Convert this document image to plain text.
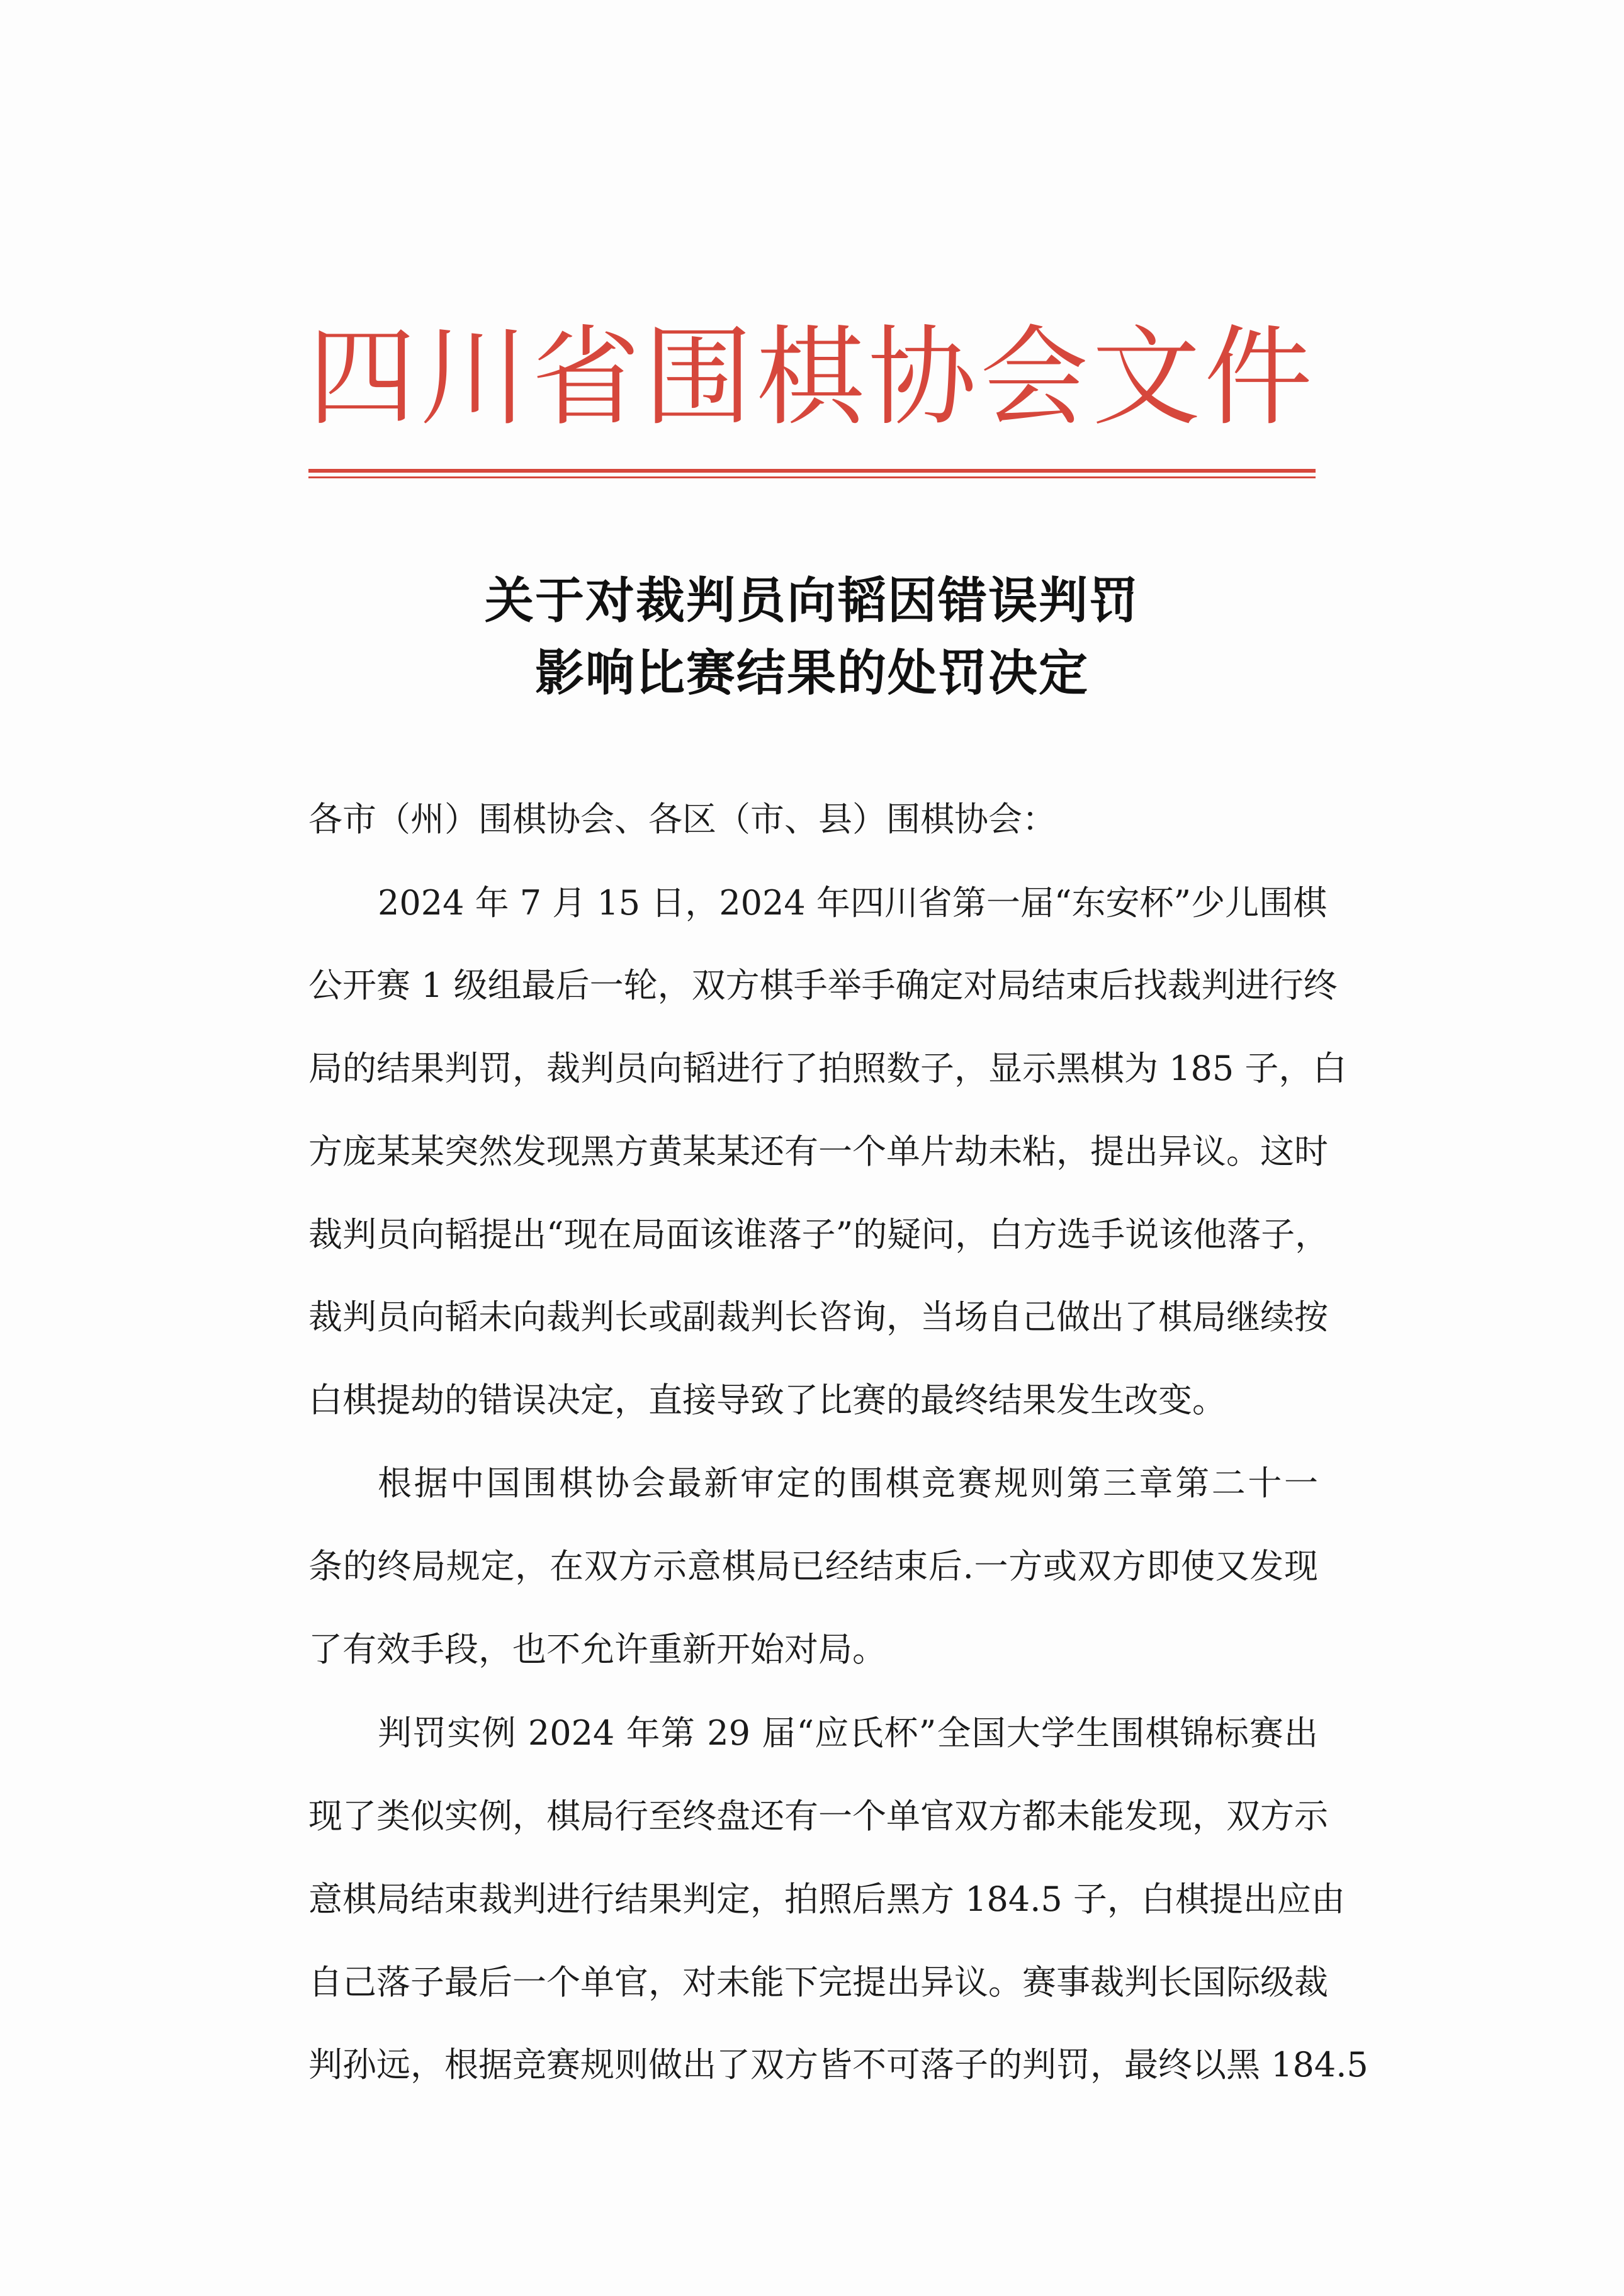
四川省围棋协会文件
关于对裁判员向韬因错误判罚
影响比赛结果的处罚决定
各市（州）围棋协会、各区（市、县）围棋协会：
2024 年 7 月 15 日，2024 年四川省第一届“东安杯”少儿围棋
公开赛 1 级组最后一轮，双方棋手举手确定对局结束后找裁判进行终
局的结果判罚，裁判员向韬进行了拍照数子，显示黑棋为 185 子，白
方庞某某突然发现黑方黄某某还有一个单片劫未粘，提出异议。这时
裁判员向韬提出“现在局面该谁落子”的疑问，白方选手说该他落子，
裁判员向韬未向裁判长或副裁判长咨询，当场自己做出了棋局继续按
白棋提劫的错误决定，直接导致了比赛的最终结果发生改变。
根据中国围棋协会最新审定的围棋竞赛规则第三章第二十一
条的终局规定，在双方示意棋局已经结束后.一方或双方即使又发现
了有效手段，也不允许重新开始对局。
判罚实例 2024 年第 29 届“应氏杯”全国大学生围棋锦标赛出
现了类似实例，棋局行至终盘还有一个单官双方都未能发现，双方示
意棋局结束裁判进行结果判定，拍照后黑方 184.5 子，白棋提出应由
自己落子最后一个单官，对未能下完提出异议。赛事裁判长国际级裁
判孙远，根据竞赛规则做出了双方皆不可落子的判罚，最终以黑 184.5
